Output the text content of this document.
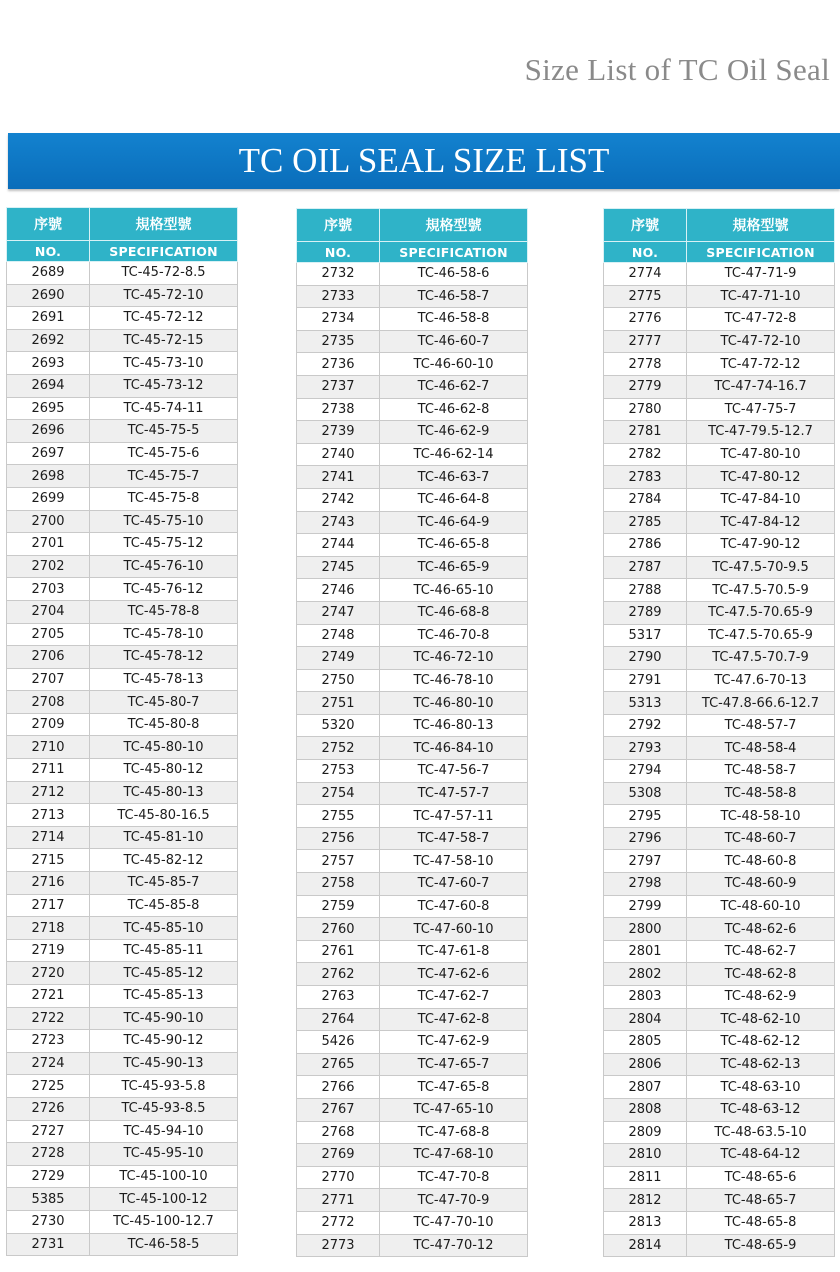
Size List of TC Oil Seal
TC OIL SEAL SIZE LIST
序號	規格型號
NO.	SPECIFICATION
2689	TC-45-72-8.5
2690	TC-45-72-10
2691	TC-45-72-12
2692	TC-45-72-15
2693	TC-45-73-10
2694	TC-45-73-12
2695	TC-45-74-11
2696	TC-45-75-5
2697	TC-45-75-6
2698	TC-45-75-7
2699	TC-45-75-8
2700	TC-45-75-10
2701	TC-45-75-12
2702	TC-45-76-10
2703	TC-45-76-12
2704	TC-45-78-8
2705	TC-45-78-10
2706	TC-45-78-12
2707	TC-45-78-13
2708	TC-45-80-7
2709	TC-45-80-8
2710	TC-45-80-10
2711	TC-45-80-12
2712	TC-45-80-13
2713	TC-45-80-16.5
2714	TC-45-81-10
2715	TC-45-82-12
2716	TC-45-85-7
2717	TC-45-85-8
2718	TC-45-85-10
2719	TC-45-85-11
2720	TC-45-85-12
2721	TC-45-85-13
2722	TC-45-90-10
2723	TC-45-90-12
2724	TC-45-90-13
2725	TC-45-93-5.8
2726	TC-45-93-8.5
2727	TC-45-94-10
2728	TC-45-95-10
2729	TC-45-100-10
5385	TC-45-100-12
2730	TC-45-100-12.7
2731	TC-46-58-5
序號	規格型號
NO.	SPECIFICATION
2732	TC-46-58-6
2733	TC-46-58-7
2734	TC-46-58-8
2735	TC-46-60-7
2736	TC-46-60-10
2737	TC-46-62-7
2738	TC-46-62-8
2739	TC-46-62-9
2740	TC-46-62-14
2741	TC-46-63-7
2742	TC-46-64-8
2743	TC-46-64-9
2744	TC-46-65-8
2745	TC-46-65-9
2746	TC-46-65-10
2747	TC-46-68-8
2748	TC-46-70-8
2749	TC-46-72-10
2750	TC-46-78-10
2751	TC-46-80-10
5320	TC-46-80-13
2752	TC-46-84-10
2753	TC-47-56-7
2754	TC-47-57-7
2755	TC-47-57-11
2756	TC-47-58-7
2757	TC-47-58-10
2758	TC-47-60-7
2759	TC-47-60-8
2760	TC-47-60-10
2761	TC-47-61-8
2762	TC-47-62-6
2763	TC-47-62-7
2764	TC-47-62-8
5426	TC-47-62-9
2765	TC-47-65-7
2766	TC-47-65-8
2767	TC-47-65-10
2768	TC-47-68-8
2769	TC-47-68-10
2770	TC-47-70-8
2771	TC-47-70-9
2772	TC-47-70-10
2773	TC-47-70-12
序號	規格型號
NO.	SPECIFICATION
2774	TC-47-71-9
2775	TC-47-71-10
2776	TC-47-72-8
2777	TC-47-72-10
2778	TC-47-72-12
2779	TC-47-74-16.7
2780	TC-47-75-7
2781	TC-47-79.5-12.7
2782	TC-47-80-10
2783	TC-47-80-12
2784	TC-47-84-10
2785	TC-47-84-12
2786	TC-47-90-12
2787	TC-47.5-70-9.5
2788	TC-47.5-70.5-9
2789	TC-47.5-70.65-9
5317	TC-47.5-70.65-9
2790	TC-47.5-70.7-9
2791	TC-47.6-70-13
5313	TC-47.8-66.6-12.7
2792	TC-48-57-7
2793	TC-48-58-4
2794	TC-48-58-7
5308	TC-48-58-8
2795	TC-48-58-10
2796	TC-48-60-7
2797	TC-48-60-8
2798	TC-48-60-9
2799	TC-48-60-10
2800	TC-48-62-6
2801	TC-48-62-7
2802	TC-48-62-8
2803	TC-48-62-9
2804	TC-48-62-10
2805	TC-48-62-12
2806	TC-48-62-13
2807	TC-48-63-10
2808	TC-48-63-12
2809	TC-48-63.5-10
2810	TC-48-64-12
2811	TC-48-65-6
2812	TC-48-65-7
2813	TC-48-65-8
2814	TC-48-65-9
